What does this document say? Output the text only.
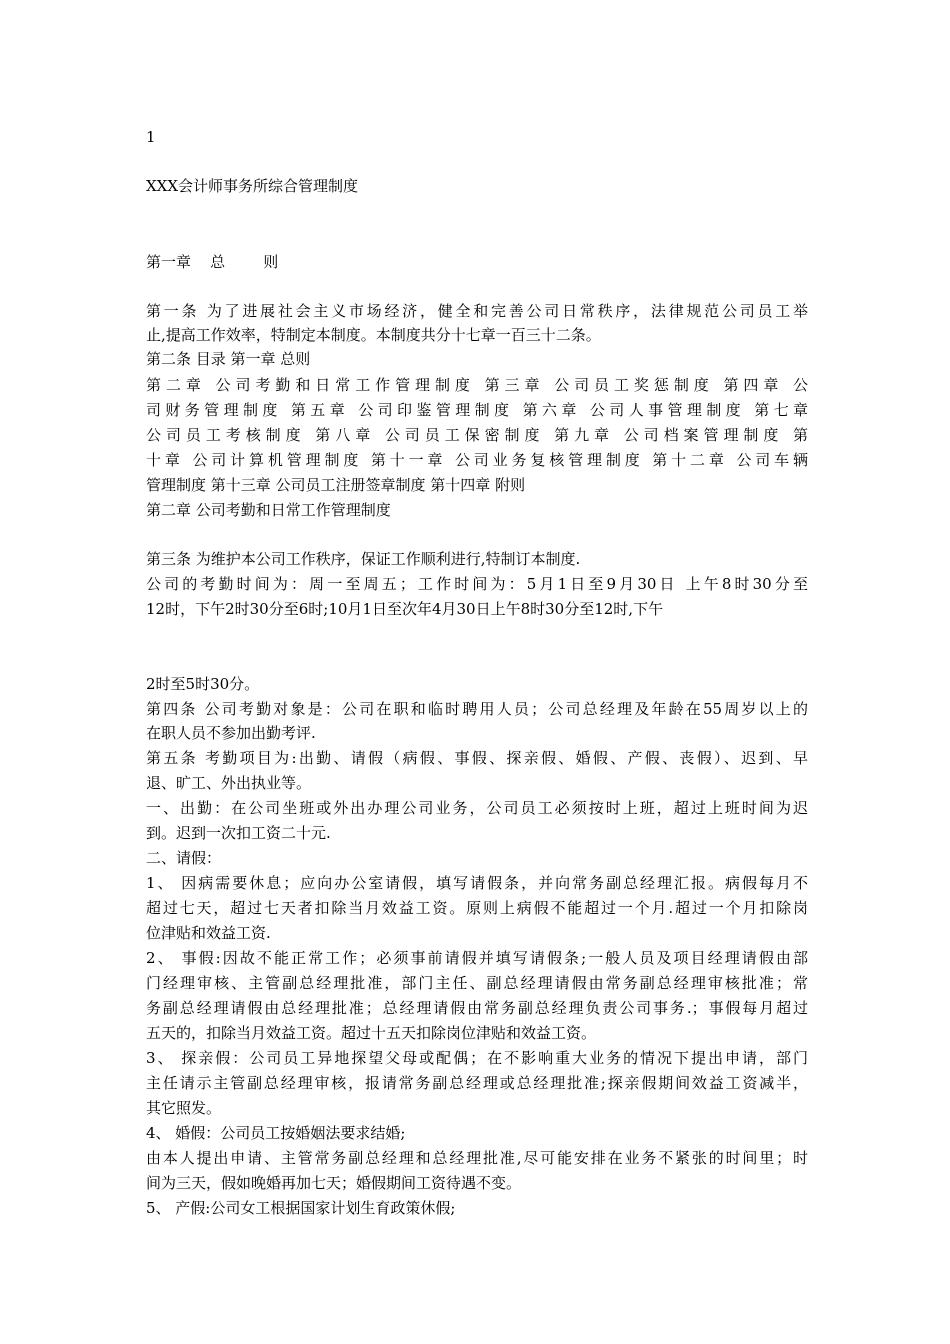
1
XXX会计师事务所综合管理制度
第一章    总        则
第一条 为了进展社会主义市场经济，健全和完善公司日常秩序，法律规范公司员工举
止,提高工作效率，特制定本制度。本制度共分十七章一百三十二条。
第二条 目录 第一章 总则
第二章 公司考勤和日常工作管理制度 第三章 公司员工奖惩制度 第四章 公
司财务管理制度 第五章 公司印鉴管理制度 第六章 公司人事管理制度 第七章
公司员工考核制度 第八章 公司员工保密制度 第九章 公司档案管理制度 第
十章 公司计算机管理制度 第十一章 公司业务复核管理制度 第十二章 公司车辆
管理制度 第十三章 公司员工注册签章制度 第十四章 附则
第二章 公司考勤和日常工作管理制度
第三条 为维护本公司工作秩序，保证工作顺利进行,特制订本制度.
公司的考勤时间为：周一至周五；工作时间为：5月1日至9月30日 上午8时30分至
12时，下午2时30分至6时;10月1日至次年4月30日上午8时30分至12时,下午
2时至5时30分。
第四条 公司考勤对象是：公司在职和临时聘用人员；公司总经理及年龄在55周岁以上的
在职人员不参加出勤考评.
第五条 考勤项目为:出勤、请假（病假、事假、探亲假、婚假、产假、丧假）、迟到、早
退、旷工、外出执业等。
一、出勤：在公司坐班或外出办理公司业务，公司员工必须按时上班，超过上班时间为迟
到。迟到一次扣工资二十元.
二、请假：
1、 因病需要休息；应向办公室请假，填写请假条，并向常务副总经理汇报。病假每月不
超过七天，超过七天者扣除当月效益工资。原则上病假不能超过一个月.超过一个月扣除岗
位津贴和效益工资.
2、 事假:因故不能正常工作；必须事前请假并填写请假条;一般人员及项目经理请假由部
门经理审核、主管副总经理批准，部门主任、副总经理请假由常务副总经理审核批准；常
务副总经理请假由总经理批准；总经理请假由常务副总经理负责公司事务.；事假每月超过
五天的，扣除当月效益工资。超过十五天扣除岗位津贴和效益工资。
3、 探亲假：公司员工异地探望父母或配偶；在不影响重大业务的情况下提出申请，部门
主任请示主管副总经理审核，报请常务副总经理或总经理批准;探亲假期间效益工资减半，
其它照发。
4、 婚假：公司员工按婚姻法要求结婚;
由本人提出申请、主管常务副总经理和总经理批准,尽可能安排在业务不紧张的时间里；时
间为三天，假如晚婚再加七天；婚假期间工资待遇不变。
5、 产假:公司女工根据国家计划生育政策休假;
